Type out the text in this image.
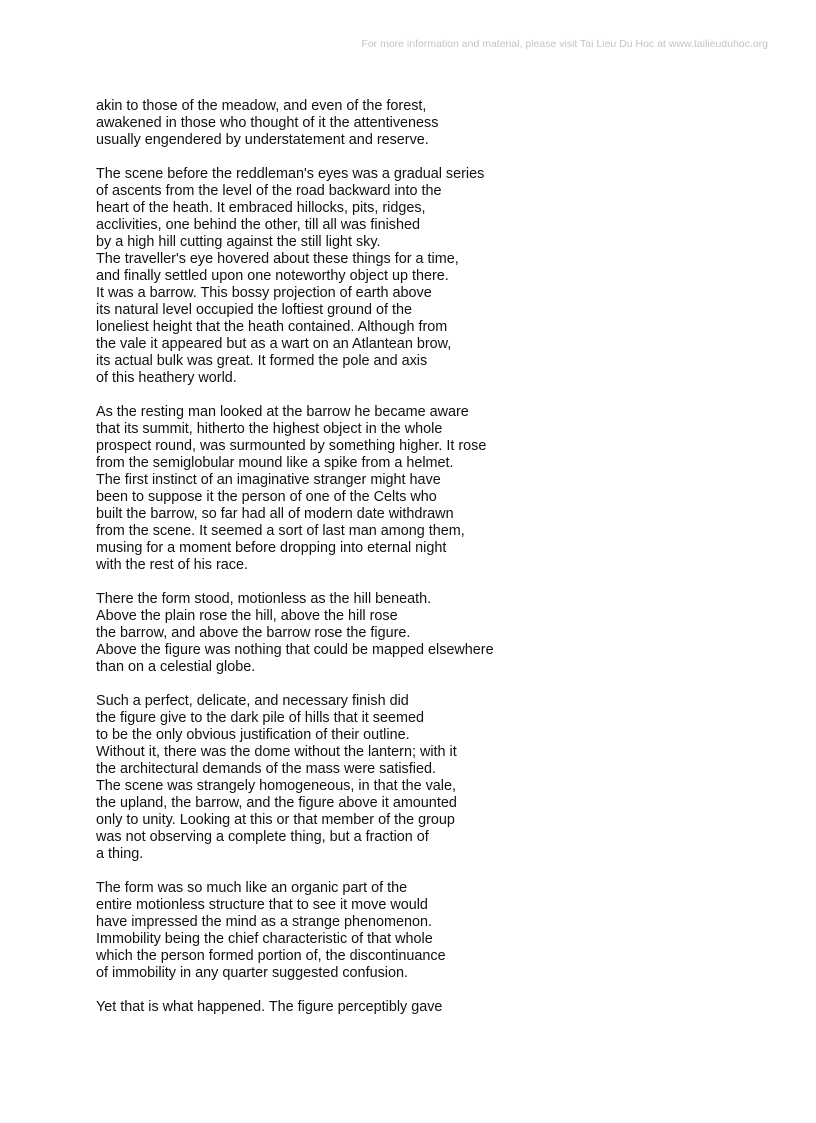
For more information and material, please visit Tai Lieu Du Hoc at www.tailieuduhoc.org
akin to those of the meadow, and even of the forest,
awakened in those who thought of it the attentiveness
usually engendered by understatement and reserve.
The scene before the reddleman's eyes was a gradual series
of ascents from the level of the road backward into the
heart of the heath. It embraced hillocks, pits, ridges,
acclivities, one behind the other, till all was finished
by a high hill cutting against the still light sky.
The traveller's eye hovered about these things for a time,
and finally settled upon one noteworthy object up there.
It was a barrow. This bossy projection of earth above
its natural level occupied the loftiest ground of the
loneliest height that the heath contained. Although from
the vale it appeared but as a wart on an Atlantean brow,
its actual bulk was great. It formed the pole and axis
of this heathery world.
As the resting man looked at the barrow he became aware
that its summit, hitherto the highest object in the whole
prospect round, was surmounted by something higher. It rose
from the semiglobular mound like a spike from a helmet.
The first instinct of an imaginative stranger might have
been to suppose it the person of one of the Celts who
built the barrow, so far had all of modern date withdrawn
from the scene. It seemed a sort of last man among them,
musing for a moment before dropping into eternal night
with the rest of his race.
There the form stood, motionless as the hill beneath.
Above the plain rose the hill, above the hill rose
the barrow, and above the barrow rose the figure.
Above the figure was nothing that could be mapped elsewhere
than on a celestial globe.
Such a perfect, delicate, and necessary finish did
the figure give to the dark pile of hills that it seemed
to be the only obvious justification of their outline.
Without it, there was the dome without the lantern; with it
the architectural demands of the mass were satisfied.
The scene was strangely homogeneous, in that the vale,
the upland, the barrow, and the figure above it amounted
only to unity. Looking at this or that member of the group
was not observing a complete thing, but a fraction of
a thing.
The form was so much like an organic part of the
entire motionless structure that to see it move would
have impressed the mind as a strange phenomenon.
Immobility being the chief characteristic of that whole
which the person formed portion of, the discontinuance
of immobility in any quarter suggested confusion.
Yet that is what happened. The figure perceptibly gave
